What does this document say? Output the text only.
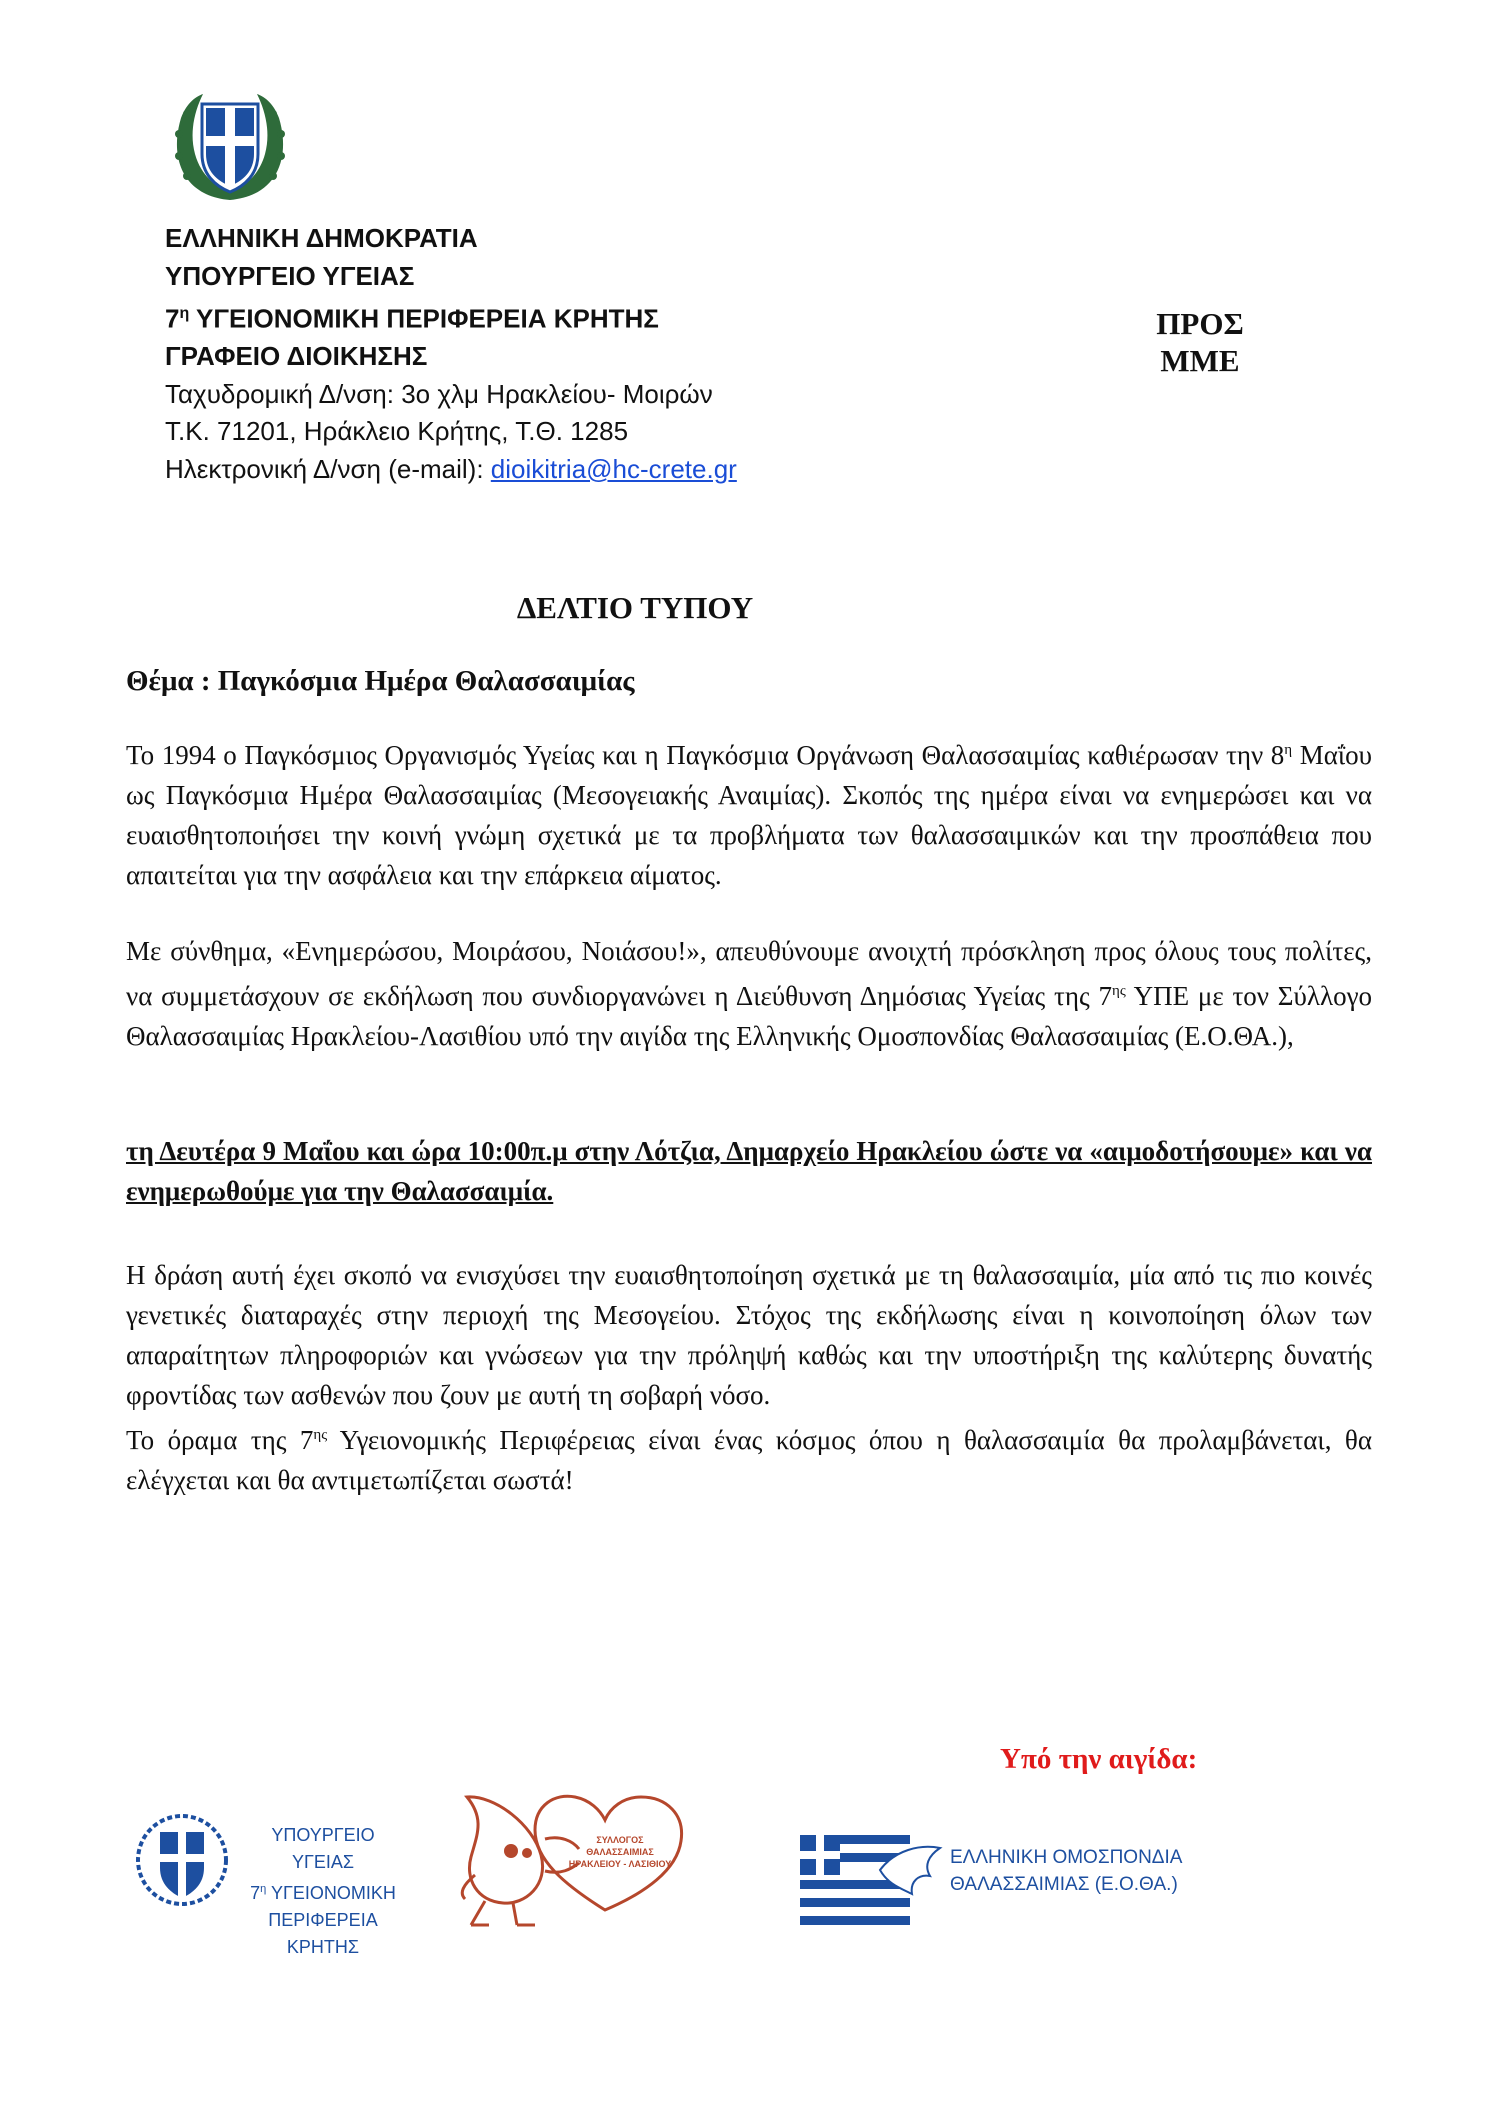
ΕΛΛΗΝΙΚΗ ΔΗΜΟΚΡΑΤΙΑ
ΥΠΟΥΡΓΕΙΟ ΥΓΕΙΑΣ
$7^\eta$ ΥΓΕΙΟΝΟΜΙΚΗ ΠΕΡΙΦΕΡΕΙΑ ΚΡΗΤΗΣ
ΓΡΑΦΕΙΟ ΔΙΟΙΚΗΣΗΣ
Ταχυδρομική Δ/νση: 3ο χλμ Ηρακλείου- Μοιρών
Τ.Κ. 71201, Ηράκλειο Κρήτης, Τ.Θ. 1285
Ηλεκτρονική Δ/νση (e-mail): dioikitria@hc-crete.gr
ΠΡΟΣ
ΜΜΕ
ΔΕΛΤΙΟ ΤΥΠΟΥ
Θέμα : Παγκόσμια Ημέρα Θαλασσαιμίας
Το 1994 ο Παγκόσμιος Οργανισμός Υγείας και η Παγκόσμια Οργάνωση Θαλασσαιμίας καθιέρωσαν την $8^\eta$ Μαΐου ως Παγκόσμια Ημέρα Θαλασσαιμίας (Μεσογειακής Αναιμίας). Σκοπός της ημέρα είναι να ενημερώσει και να ευαισθητοποιήσει την κοινή γνώμη σχετικά με τα προβλήματα των θαλασσαιμικών και την προσπάθεια που απαιτείται για την ασφάλεια και την επάρκεια αίματος.
Με σύνθημα, «Ενημερώσου, Μοιράσου, Νοιάσου!», απευθύνουμε ανοιχτή πρόσκληση προς όλους τους πολίτες, να συμμετάσχουν σε εκδήλωση που συνδιοργανώνει η Διεύθυνση Δημόσιας Υγείας της $7^{\eta\varsigma}$ ΥΠΕ με τον Σύλλογο Θαλασσαιμίας Ηρακλείου-Λασιθίου υπό την αιγίδα της Ελληνικής Ομοσπονδίας Θαλασσαιμίας (Ε.Ο.ΘΑ.),
τη Δευτέρα 9 Μαΐου και ώρα 10:00π.μ στην Λότζια, Δημαρχείο Ηρακλείου ώστε να «αιμοδοτήσουμε» και να ενημερωθούμε για την Θαλασσαιμία.
Η δράση αυτή έχει σκοπό να ενισχύσει την ευαισθητοποίηση σχετικά με τη θαλασσαιμία, μία από τις πιο κοινές γενετικές διαταραχές στην περιοχή της Μεσογείου. Στόχος της εκδήλωσης είναι η κοινοποίηση όλων των απαραίτητων πληροφοριών και γνώσεων για την πρόληψή καθώς και την υποστήριξη της καλύτερης δυνατής φροντίδας των ασθενών που ζουν με αυτή τη σοβαρή νόσο.
Το όραμα της $7^{\eta\varsigma}$ Υγειονομικής Περιφέρειας είναι ένας κόσμος όπου η θαλασσαιμία θα προλαμβάνεται, θα ελέγχεται και θα αντιμετωπίζεται σωστά!
Υπό την αιγίδα:
ΥΠΟΥΡΓΕΙΟ ΥΓΕΙΑΣ
$7^\eta$ ΥΓΕΙΟΝΟΜΙΚΗ
ΠΕΡΙΦΕΡΕΙΑ ΚΡΗΤΗΣ
ΣΥΛΛΟΓΟΣ
ΘΑΛΑΣΣΑΙΜΙΑΣ
ΗΡΑΚΛΕΙΟΥ - ΛΑΣΙΘΙΟΥ	ΕΛΛΗΝΙΚΗ ΟΜΟΣΠΟΝΔΙΑ
ΘΑΛΑΣΣΑΙΜΙΑΣ (Ε.Ο.ΘΑ.)
